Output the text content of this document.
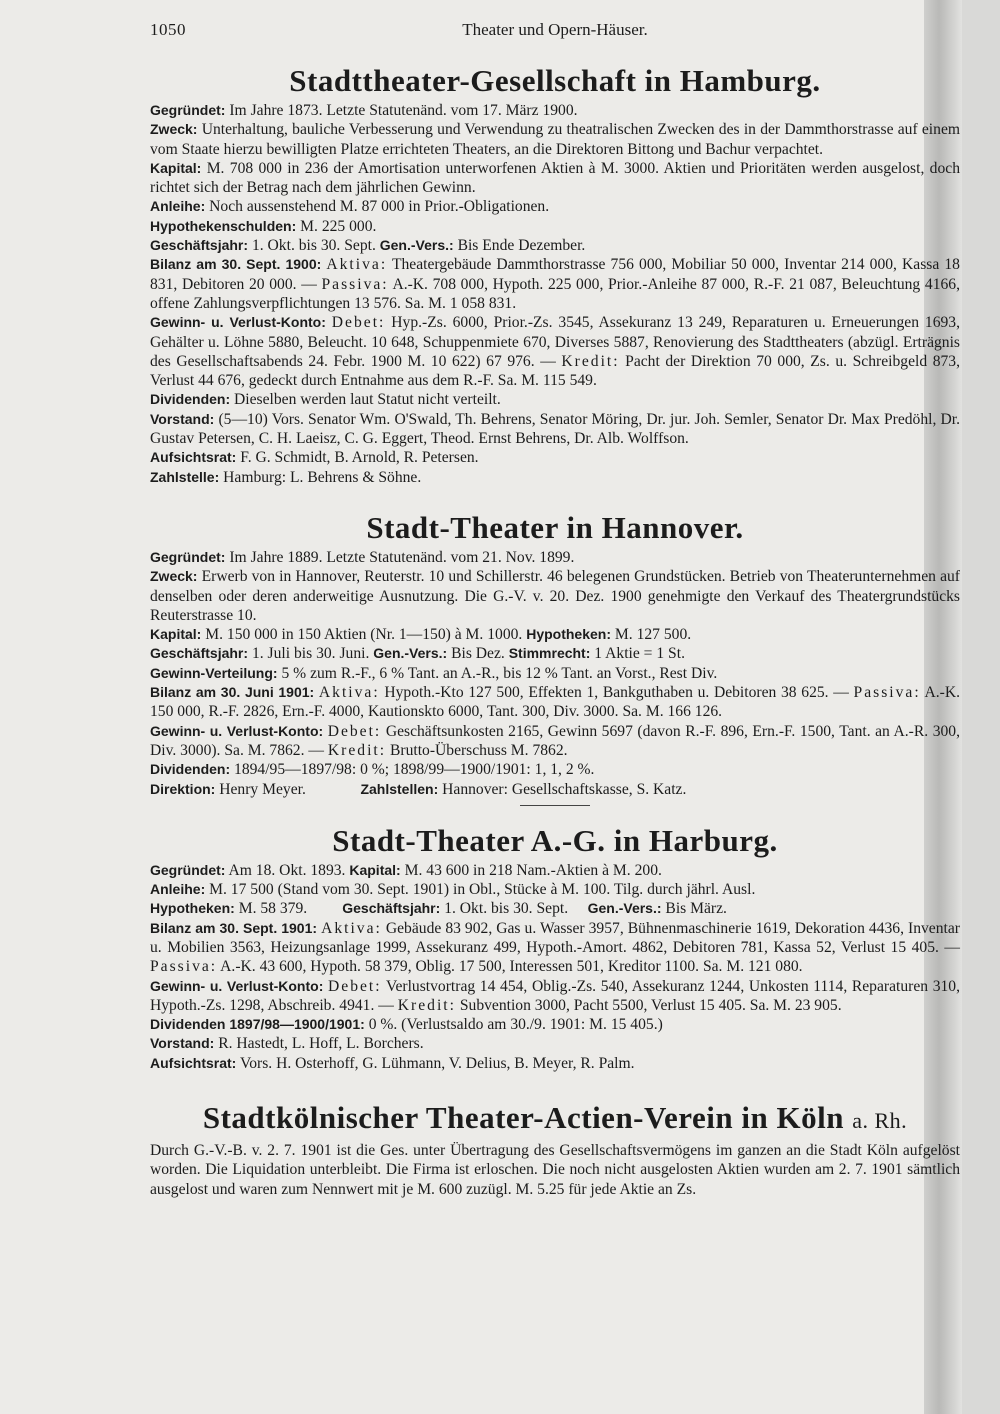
1050	Theater und Opern-Häuser.
Stadttheater-Gesellschaft in Hamburg.

Gegründet: Im Jahre 1873. Letzte Statutenänd. vom 17. März 1900.

Zweck: Unterhaltung, bauliche Verbesserung und Verwendung zu theatralischen Zwecken des in der Dammthorstrasse auf einem vom Staate hierzu bewilligten Platze errichteten Theaters, an die Direktoren Bittong und Bachur verpachtet.

Kapital: M. 708 000 in 236 der Amortisation unterworfenen Aktien à M. 3000. Aktien und Prioritäten werden ausgelost, doch richtet sich der Betrag nach dem jährlichen Gewinn.

Anleihe: Noch aussenstehend M. 87 000 in Prior.-Obligationen.

Hypothekenschulden: M. 225 000.

Geschäftsjahr: 1. Okt. bis 30. Sept. Gen.-Vers.: Bis Ende Dezember.

Bilanz am 30. Sept. 1900: Aktiva: Theatergebäude Dammthorstrasse 756 000, Mobiliar 50 000, Inventar 214 000, Kassa 18 831, Debitoren 20 000. — Passiva: A.-K. 708 000, Hypoth. 225 000, Prior.-Anleihe 87 000, R.-F. 21 087, Beleuchtung 4166, offene Zahlungsverpflichtungen 13 576. Sa. M. 1 058 831.

Gewinn- u. Verlust-Konto: Debet: Hyp.-Zs. 6000, Prior.-Zs. 3545, Assekuranz 13 249, Reparaturen u. Erneuerungen 1693, Gehälter u. Löhne 5880, Beleucht. 10 648, Schuppenmiete 670, Diverses 5887, Renovierung des Stadttheaters (abzügl. Erträgnis des Gesellschaftsabends 24. Febr. 1900 M. 10 622) 67 976. — Kredit: Pacht der Direktion 70 000, Zs. u. Schreibgeld 873, Verlust 44 676, gedeckt durch Entnahme aus dem R.-F. Sa. M. 115 549.

Dividenden: Dieselben werden laut Statut nicht verteilt.

Vorstand: (5—10) Vors. Senator Wm. O'Swald, Th. Behrens, Senator Möring, Dr. jur. Joh. Semler, Senator Dr. Max Predöhl, Dr. Gustav Petersen, C. H. Laeisz, C. G. Eggert, Theod. Ernst Behrens, Dr. Alb. Wolffson.

Aufsichtsrat: F. G. Schmidt, B. Arnold, R. Petersen.

Zahlstelle: Hamburg: L. Behrens & Söhne.

Stadt-Theater in Hannover.

Gegründet: Im Jahre 1889. Letzte Statutenänd. vom 21. Nov. 1899.

Zweck: Erwerb von in Hannover, Reuterstr. 10 und Schillerstr. 46 belegenen Grundstücken. Betrieb von Theaterunternehmen auf denselben oder deren anderweitige Ausnutzung. Die G.-V. v. 20. Dez. 1900 genehmigte den Verkauf des Theatergrundstücks Reuterstrasse 10.

Kapital: M. 150 000 in 150 Aktien (Nr. 1—150) à M. 1000. Hypotheken: M. 127 500.

Geschäftsjahr: 1. Juli bis 30. Juni. Gen.-Vers.: Bis Dez. Stimmrecht: 1 Aktie = 1 St.

Gewinn-Verteilung: 5 % zum R.-F., 6 % Tant. an A.-R., bis 12 % Tant. an Vorst., Rest Div.

Bilanz am 30. Juni 1901: Aktiva: Hypoth.-Kto 127 500, Effekten 1, Bankguthaben u. Debitoren 38 625. — Passiva: A.-K. 150 000, R.-F. 2826, Ern.-F. 4000, Kautionskto 6000, Tant. 300, Div. 3000. Sa. M. 166 126.

Gewinn- u. Verlust-Konto: Debet: Geschäftsunkosten 2165, Gewinn 5697 (davon R.-F. 896, Ern.-F. 1500, Tant. an A.-R. 300, Div. 3000). Sa. M. 7862. — Kredit: Brutto-Überschuss M. 7862.

Dividenden: 1894/95—1897/98: 0 %; 1898/99—1900/1901: 1, 1, 2 %.

Direktion: Henry Meyer.	Zahlstellen: Hannover: Gesellschaftskasse, S. Katz.

Stadt-Theater A.-G. in Harburg.

Gegründet: Am 18. Okt. 1893. Kapital: M. 43 600 in 218 Nam.-Aktien à M. 200.

Anleihe: M. 17 500 (Stand vom 30. Sept. 1901) in Obl., Stücke à M. 100. Tilg. durch jährl. Ausl.

Hypotheken: M. 58 379.	Geschäftsjahr: 1. Okt. bis 30. Sept. Gen.-Vers.: Bis März.

Bilanz am 30. Sept. 1901: Aktiva: Gebäude 83 902, Gas u. Wasser 3957, Bühnenmaschinerie 1619, Dekoration 4436, Inventar u. Mobilien 3563, Heizungsanlage 1999, Assekuranz 499, Hypoth.-Amort. 4862, Debitoren 781, Kassa 52, Verlust 15 405. — Passiva: A.-K. 43 600, Hypoth. 58 379, Oblig. 17 500, Interessen 501, Kreditor 1100. Sa. M. 121 080.

Gewinn- u. Verlust-Konto: Debet: Verlustvortrag 14 454, Oblig.-Zs. 540, Assekuranz 1244, Unkosten 1114, Reparaturen 310, Hypoth.-Zs. 1298, Abschreib. 4941. — Kredit: Subvention 3000, Pacht 5500, Verlust 15 405. Sa. M. 23 905.

Dividenden 1897/98—1900/1901: 0 %. (Verlustsaldo am 30./9. 1901: M. 15 405.)

Vorstand: R. Hastedt, L. Hoff, L. Borchers.

Aufsichtsrat: Vors. H. Osterhoff, G. Lühmann, V. Delius, B. Meyer, R. Palm.

Stadtkölnischer Theater-Actien-Verein in Köln a. Rh.

Durch G.-V.-B. v. 2. 7. 1901 ist die Ges. unter Übertragung des Gesellschaftsvermögens im ganzen an die Stadt Köln aufgelöst worden. Die Liquidation unterbleibt. Die Firma ist erloschen. Die noch nicht ausgelosten Aktien wurden am 2. 7. 1901 sämtlich ausgelost und waren zum Nennwert mit je M. 600 zuzügl. M. 5.25 für jede Aktie an Zs.
